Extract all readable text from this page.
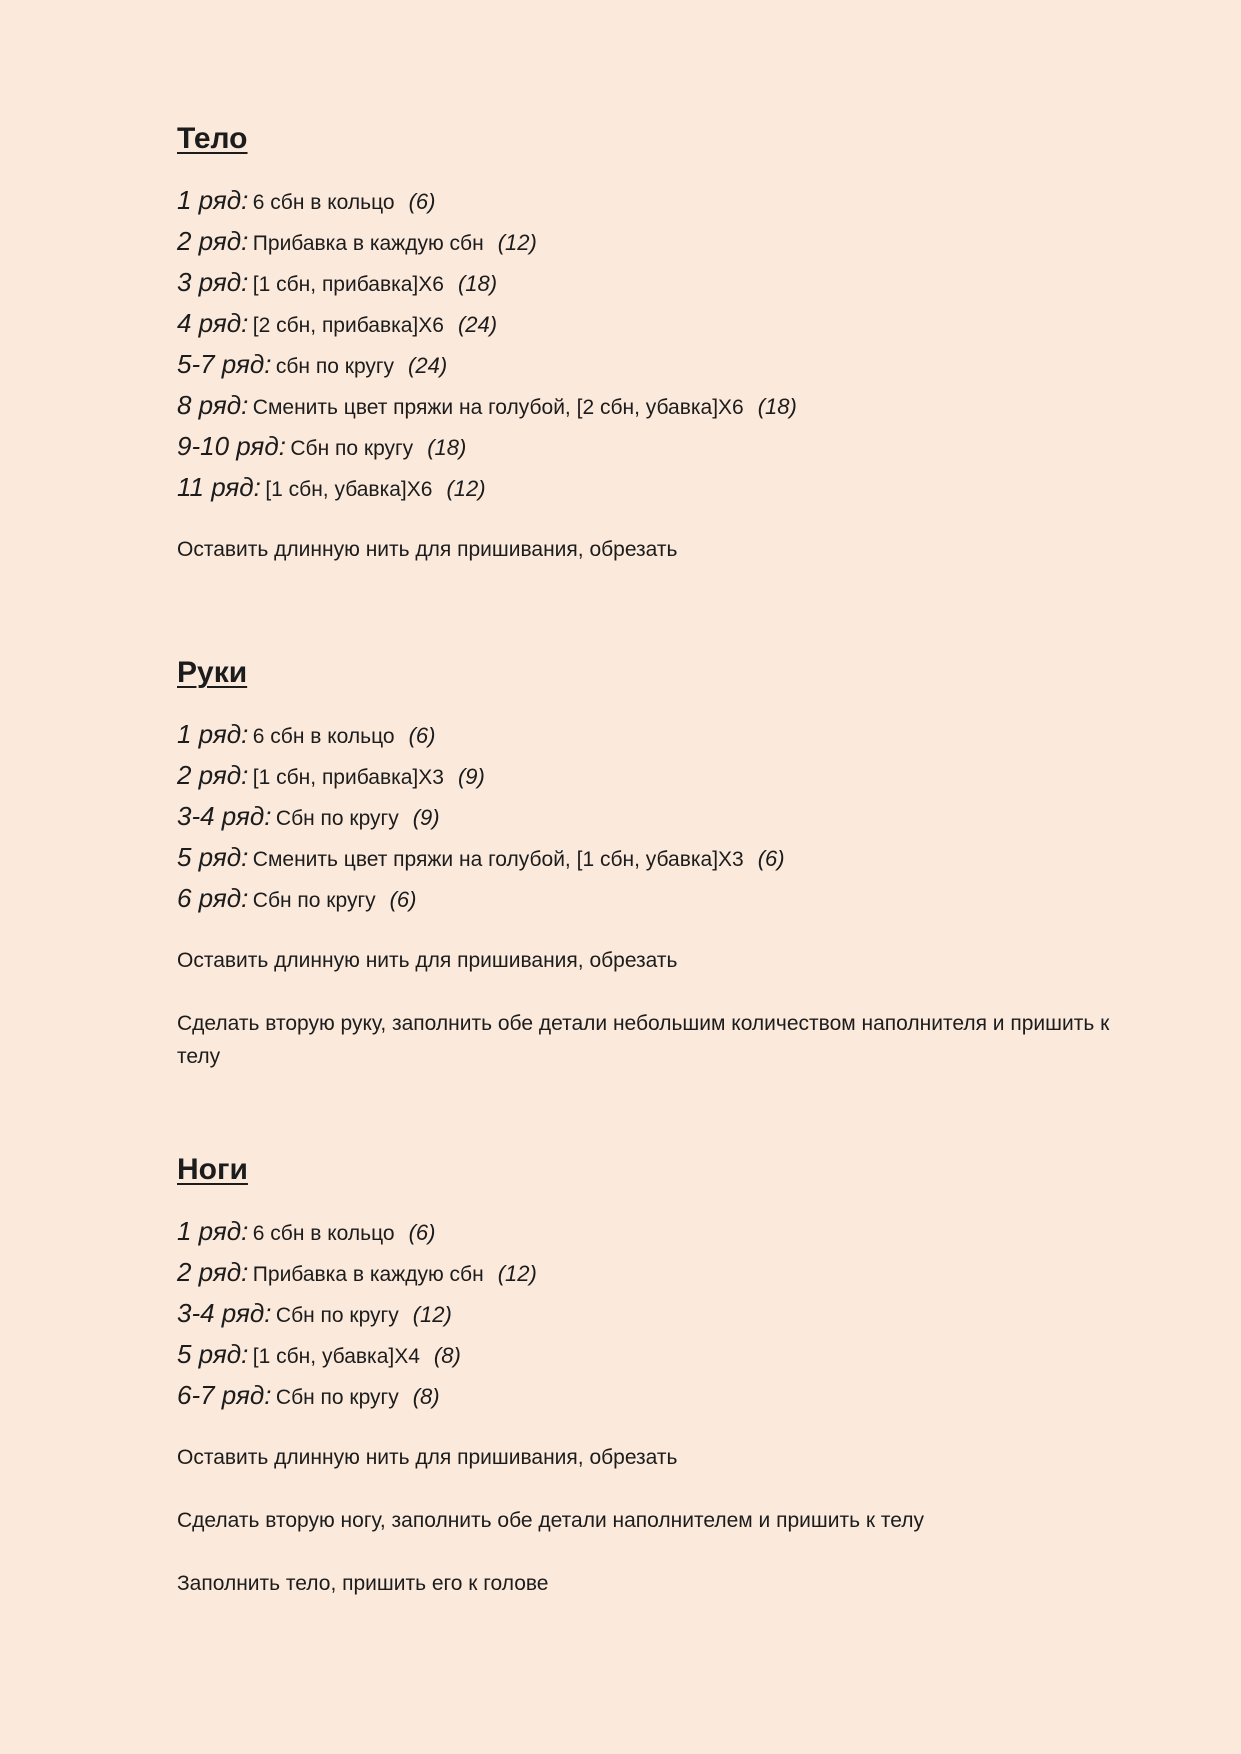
Тело
1 ряд: 6 сбн в кольцо (6)
2 ряд: Прибавка в каждую сбн (12)
3 ряд: [1 сбн, прибавка]X6 (18)
4 ряд: [2 сбн, прибавка]X6 (24)
5-7 ряд: сбн по кругу (24)
8 ряд: Сменить цвет пряжи на голубой, [2 сбн, убавка]X6 (18)
9-10 ряд: Сбн по кругу (18)
11 ряд: [1 сбн, убавка]X6 (12)

Оставить длинную нить для пришивания, обрезать

Руки
1 ряд: 6 сбн в кольцо (6)
2 ряд: [1 сбн, прибавка]X3 (9)
3-4 ряд: Сбн по кругу (9)
5 ряд: Сменить цвет пряжи на голубой, [1 сбн, убавка]X3 (6)
6 ряд: Сбн по кругу (6)

Оставить длинную нить для пришивания, обрезать

Сделать вторую руку, заполнить обе детали небольшим количеством наполнителя и пришить к телу

Ноги
1 ряд: 6 сбн в кольцо (6)
2 ряд: Прибавка в каждую сбн (12)
3-4 ряд: Сбн по кругу (12)
5 ряд: [1 сбн, убавка]X4 (8)
6-7 ряд: Сбн по кругу (8)

Оставить длинную нить для пришивания, обрезать

Сделать вторую ногу, заполнить обе детали наполнителем и пришить к телу

Заполнить тело, пришить его к голове
